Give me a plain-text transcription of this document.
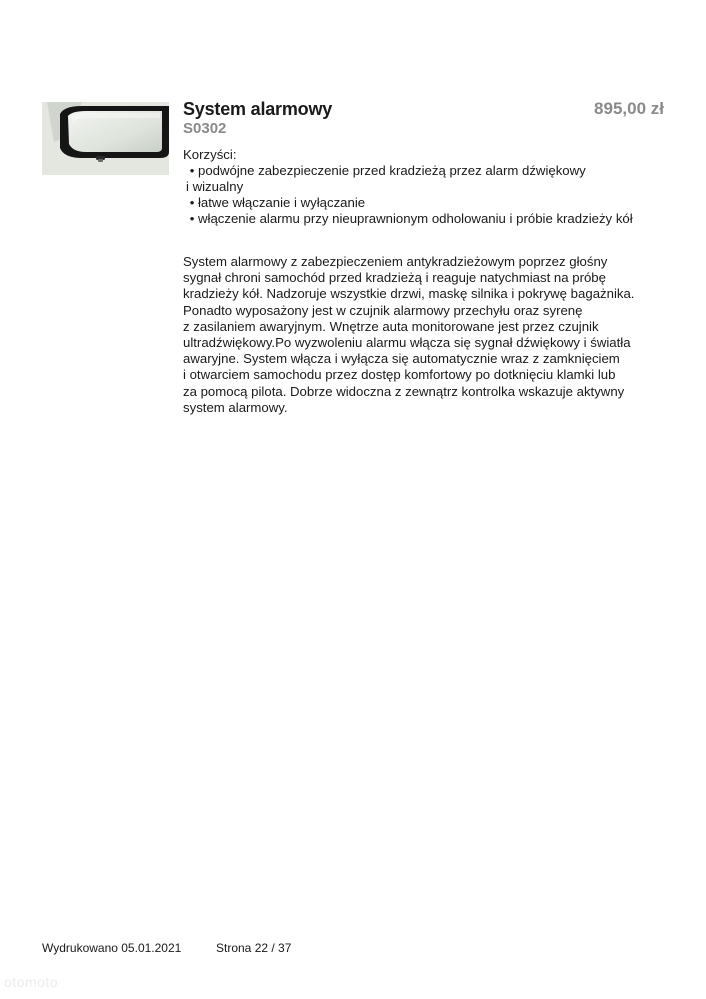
System alarmowy
S0302
895,00 zł
Korzyści:
• podwójne zabezpieczenie przed kradzieżą przez alarm dźwiękowy
i wizualny
• łatwe włączanie i wyłączanie
• włączenie alarmu przy nieuprawnionym odholowaniu i próbie kradzieży kół
System alarmowy z zabezpieczeniem antykradzieżowym poprzez głośny
sygnał chroni samochód przed kradzieżą i reaguje natychmiast na próbę
kradzieży kół. Nadzoruje wszystkie drzwi, maskę silnika i pokrywę bagażnika.
Ponadto wyposażony jest w czujnik alarmowy przechyłu oraz syrenę
z zasilaniem awaryjnym. Wnętrze auta monitorowane jest przez czujnik
ultradźwiękowy.Po wyzwoleniu alarmu włącza się sygnał dźwiękowy i światła
awaryjne. System włącza i wyłącza się automatycznie wraz z zamknięciem
i otwarciem samochodu przez dostęp komfortowy po dotknięciu klamki lub
za pomocą pilota. Dobrze widoczna z zewnątrz kontrolka wskazuje aktywny
system alarmowy.
Wydrukowano 05.01.2021	Strona 22 / 37
otomoto
